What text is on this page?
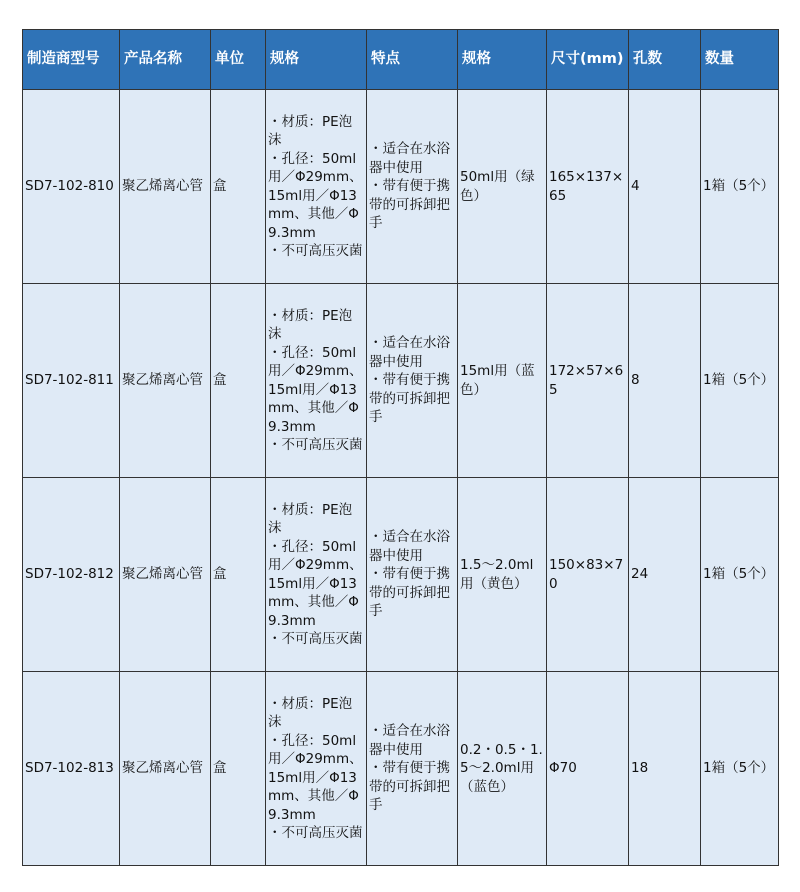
制造商型号	产品名称	单位	规格	特点	规格	尺寸(mm)	孔数	数量
SD7-102-810	聚乙烯离心管	盒	・材质：PE泡沫
・孔径：50ml用／Φ29mm、15ml用／Φ13mm、其他／Φ9.3mm
・不可高压灭菌	・适合在水浴器中使用
・带有便于携带的可拆卸把手	50ml用（绿色）	165×137×65	4	1箱（5个）
SD7-102-811	聚乙烯离心管	盒	・材质：PE泡沫
・孔径：50ml用／Φ29mm、15ml用／Φ13mm、其他／Φ9.3mm
・不可高压灭菌	・适合在水浴器中使用
・带有便于携带的可拆卸把手	15ml用（蓝色）	172×57×65	8	1箱（5个）
SD7-102-812	聚乙烯离心管	盒	・材质：PE泡沫
・孔径：50ml用／Φ29mm、15ml用／Φ13mm、其他／Φ9.3mm
・不可高压灭菌	・适合在水浴器中使用
・带有便于携带的可拆卸把手	1.5～2.0ml用（黄色）	150×83×70	24	1箱（5个）
SD7-102-813	聚乙烯离心管	盒	・材质：PE泡沫
・孔径：50ml用／Φ29mm、15ml用／Φ13mm、其他／Φ9.3mm
・不可高压灭菌	・适合在水浴器中使用
・带有便于携带的可拆卸把手	0.2・0.5・1.5～2.0ml用（蓝色）	Φ70	18	1箱（5个）
